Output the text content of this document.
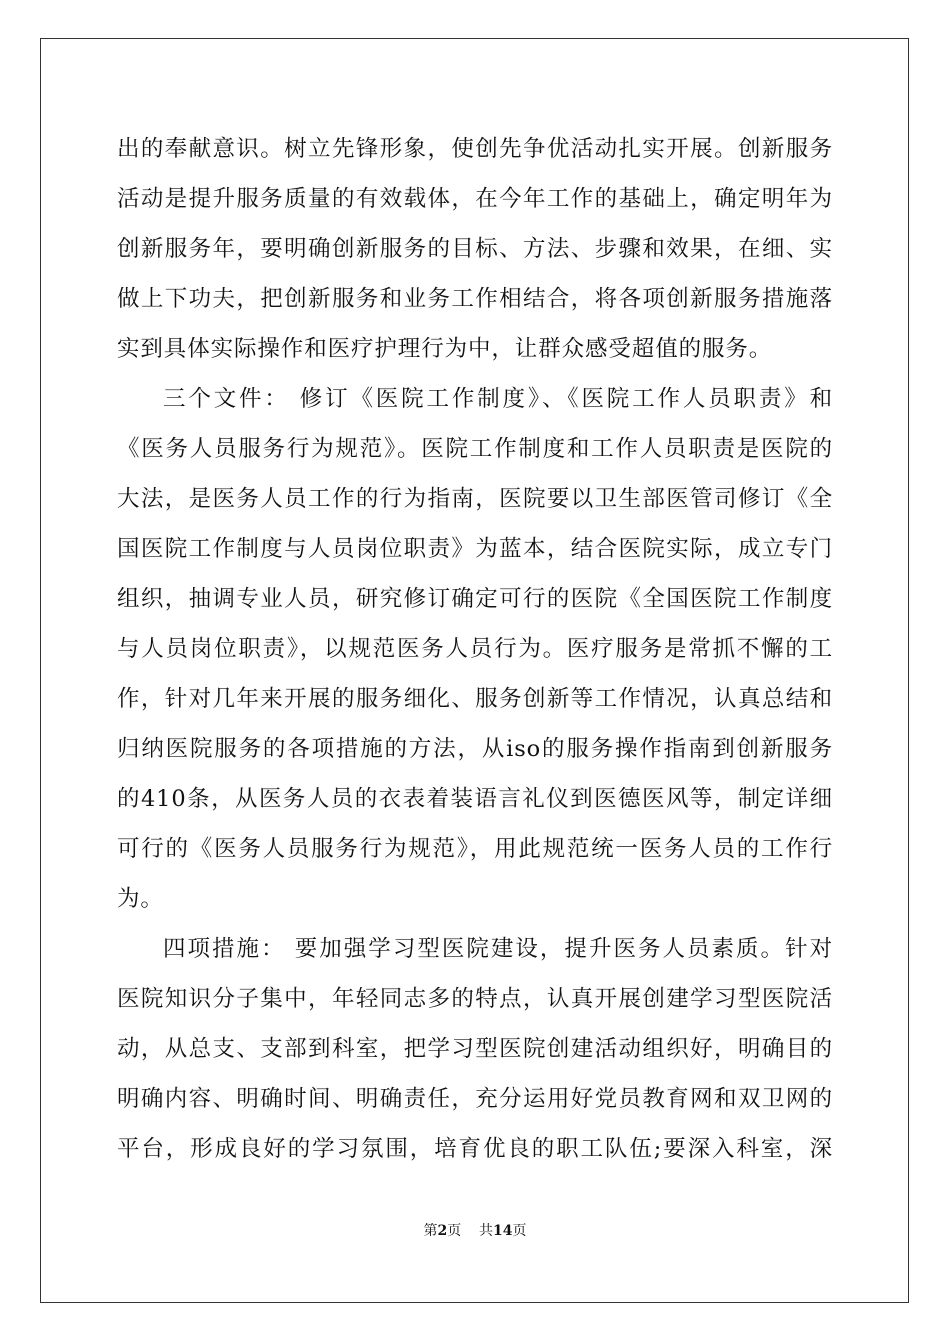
出的奉献意识。树立先锋形象，使创先争优活动扎实开展。创新服务
活动是提升服务质量的有效载体，在今年工作的基础上，确定明年为
创新服务年，要明确创新服务的目标、方法、步骤和效果，在细、实
做上下功夫，把创新服务和业务工作相结合，将各项创新服务措施落
实到具体实际操作和医疗护理行为中，让群众感受超值的服务。
三个文件： 修订《医院工作制度》、《医院工作人员职责》和
《医务人员服务行为规范》。医院工作制度和工作人员职责是医院的
大法，是医务人员工作的行为指南，医院要以卫生部医管司修订《全
国医院工作制度与人员岗位职责》为蓝本，结合医院实际，成立专门
组织，抽调专业人员，研究修订确定可行的医院《全国医院工作制度
与人员岗位职责》，以规范医务人员行为。医疗服务是常抓不懈的工
作，针对几年来开展的服务细化、服务创新等工作情况，认真总结和
归纳医院服务的各项措施的方法，从iso的服务操作指南到创新服务
的410条，从医务人员的衣表着装语言礼仪到医德医风等，制定详细
可行的《医务人员服务行为规范》，用此规范统一医务人员的工作行
为。
四项措施： 要加强学习型医院建设，提升医务人员素质。针对
医院知识分子集中，年轻同志多的特点，认真开展创建学习型医院活
动，从总支、支部到科室，把学习型医院创建活动组织好，明确目的
明确内容、明确时间、明确责任，充分运用好党员教育网和双卫网的
平台，形成良好的学习氛围，培育优良的职工队伍;要深入科室，深
第2页 共14页
